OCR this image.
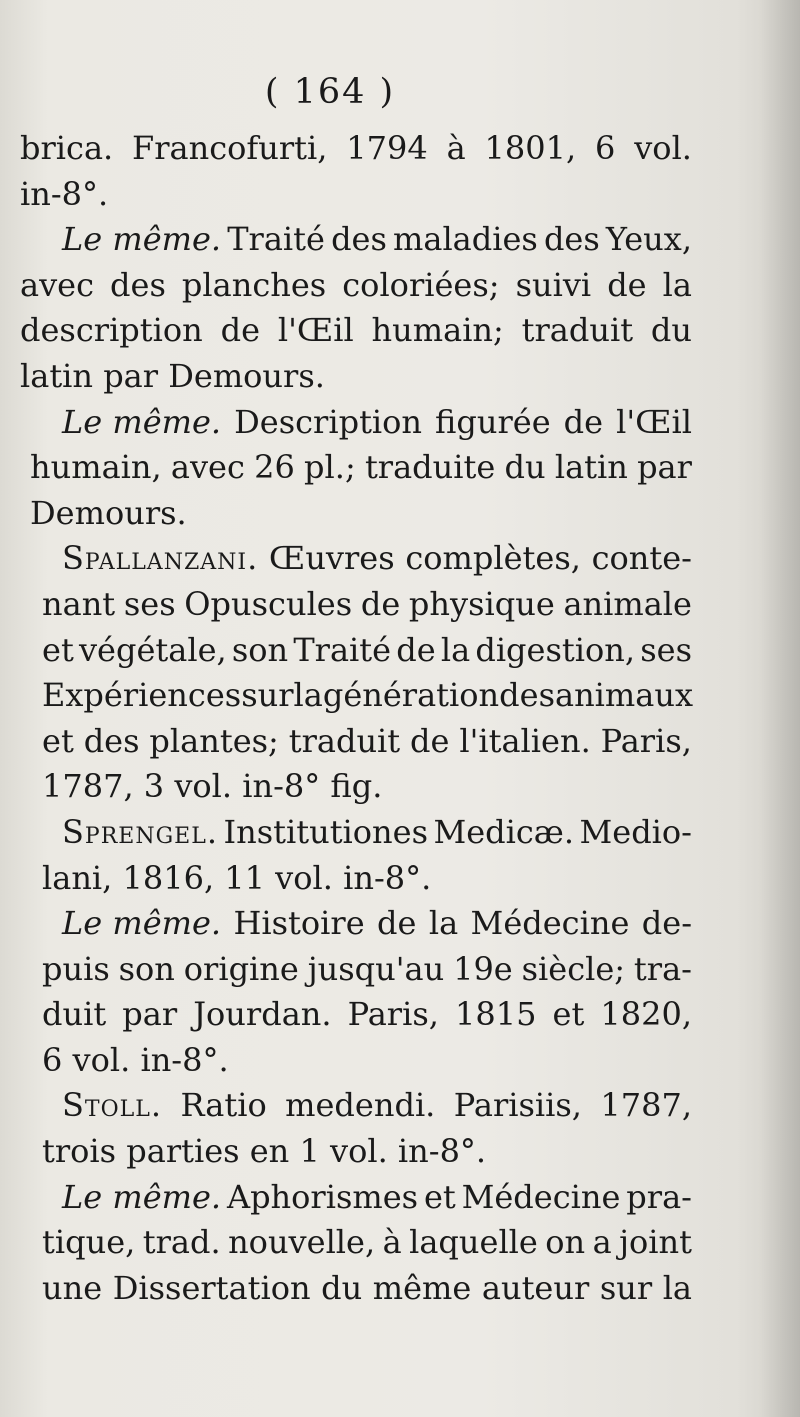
( 164 )
brica. Francofurti, 1794 à 1801, 6 vol.
in-8°.
Le même. Traité des maladies des Yeux,
avec des planches coloriées; suivi de la
description de l'Œil humain; traduit du
latin par Demours.
Le même. Description figurée de l'Œil
humain, avec 26 pl.; traduite du latin par
Demours.
Spallanzani. Œuvres complètes, conte-
nant ses Opuscules de physique animale
et végétale, son Traité de la digestion, ses
Expériences sur la génération des animaux
et des plantes; traduit de l'italien. Paris,
1787, 3 vol. in-8° fig.
Sprengel. Institutiones Medicæ. Medio-
lani, 1816, 11 vol. in-8°.
Le même. Histoire de la Médecine de-
puis son origine jusqu'au 19e siècle; tra-
duit par Jourdan. Paris, 1815 et 1820,
6 vol. in-8°.
Stoll. Ratio medendi. Parisiis, 1787,
trois parties en 1 vol. in-8°.
Le même. Aphorismes et Médecine pra-
tique, trad. nouvelle, à laquelle on a joint
une Dissertation du même auteur sur la
